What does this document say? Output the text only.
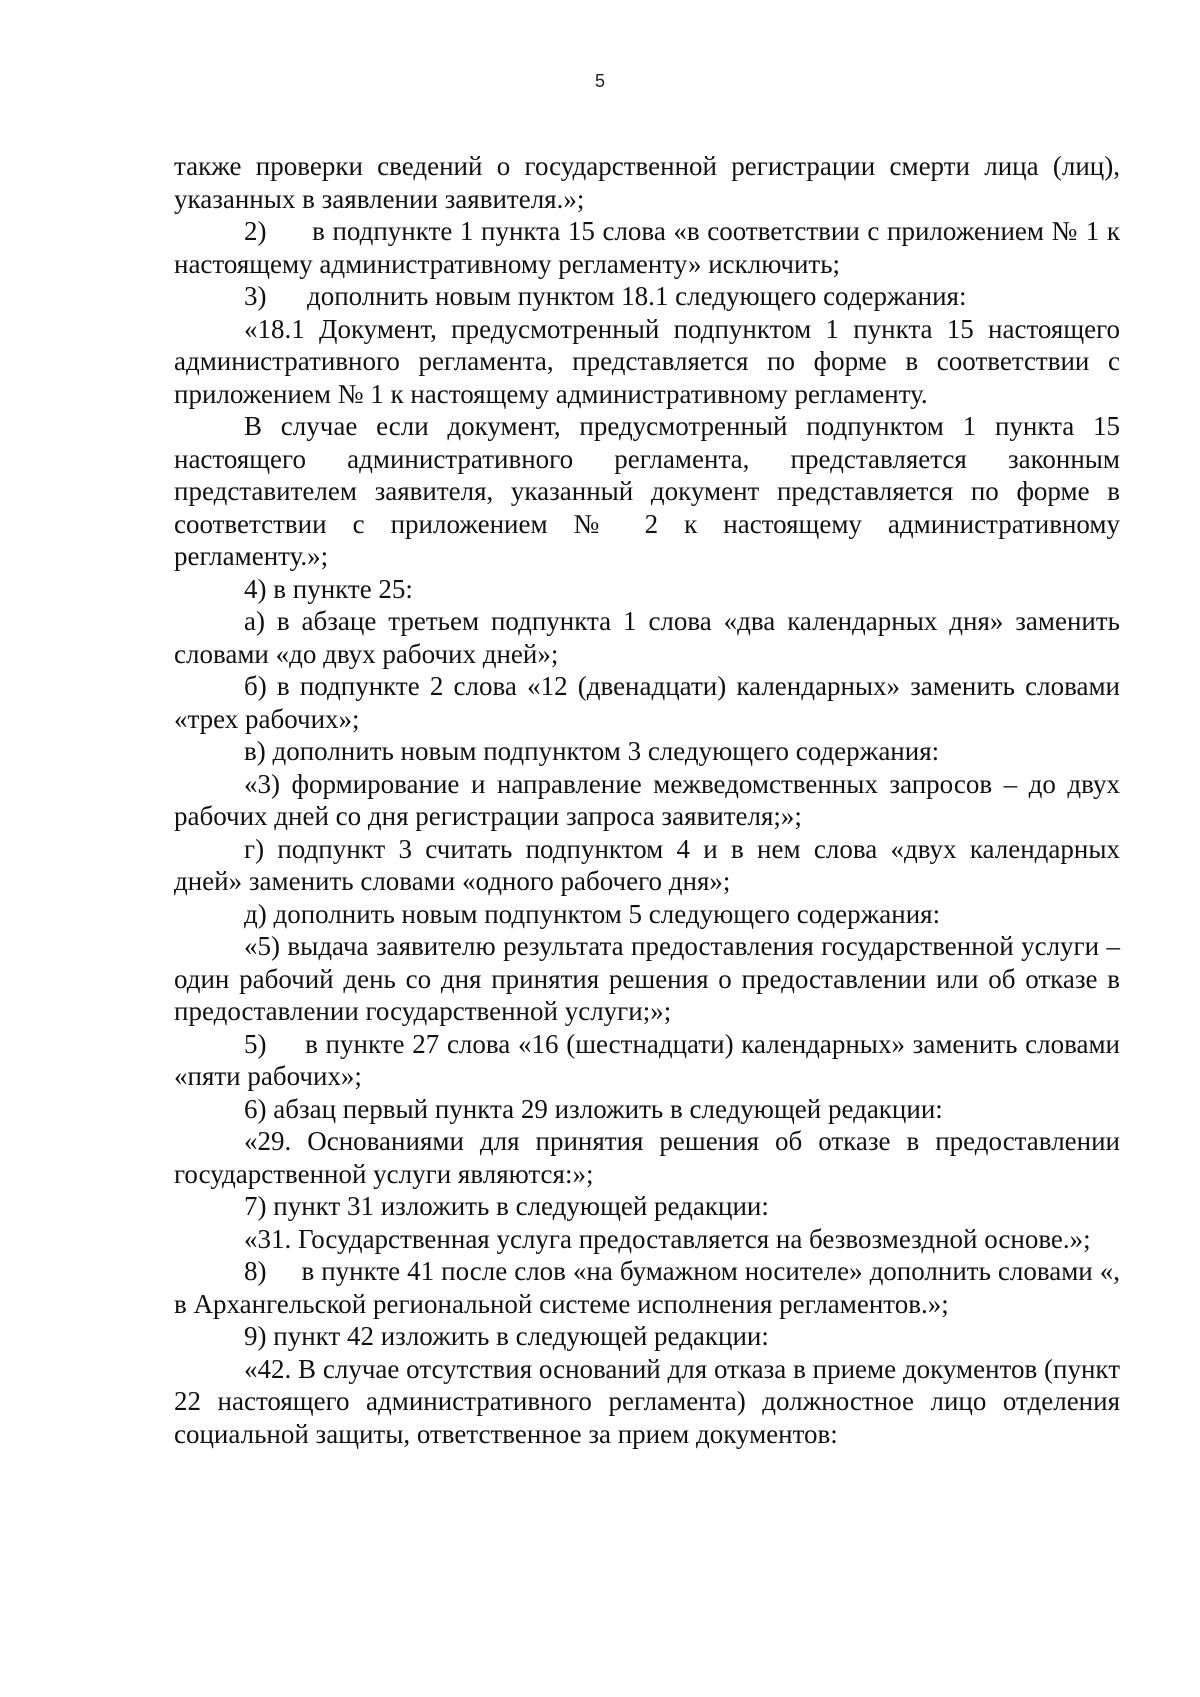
5

также проверки сведений о государственной регистрации смерти лица (лиц), указанных в заявлении заявителя.»;

2)      в подпункте 1 пункта 15 слова «в соответствии с приложением № 1 к настоящему административному регламенту» исключить;

3)      дополнить новым пунктом 18.1 следующего содержания:

«18.1 Документ, предусмотренный подпунктом 1 пункта 15 настоящего административного регламента, представляется по форме в соответствии с приложением № 1 к настоящему административному регламенту.

В случае если документ, предусмотренный подпунктом 1 пункта 15 настоящего административного регламента, представляется законным представителем заявителя, указанный документ представляется по форме в соответствии с приложением № 2 к настоящему административному регламенту.»;

4) в пункте 25:

а) в абзаце третьем подпункта 1 слова «два календарных дня» заменить словами «до двух рабочих дней»;

б) в подпункте 2 слова «12 (двенадцати) календарных» заменить словами «трех рабочих»;

в) дополнить новым подпунктом 3 следующего содержания:

«3) формирование и направление межведомственных запросов – до двух рабочих дней со дня регистрации запроса заявителя;»;

г) подпункт 3 считать подпунктом 4 и в нем слова «двух календарных дней» заменить словами «одного рабочего дня»;

д) дополнить новым подпунктом 5 следующего содержания:

«5) выдача заявителю результата предоставления государственной услуги – один рабочий день со дня принятия решения о предоставлении или об отказе в предоставлении государственной услуги;»;

5)     в пункте 27 слова «16 (шестнадцати) календарных» заменить словами «пяти рабочих»;

6) абзац первый пункта 29 изложить в следующей редакции:

«29. Основаниями для принятия решения об отказе в предоставлении государственной услуги являются:»;

7) пункт 31 изложить в следующей редакции:

«31. Государственная услуга предоставляется на безвозмездной основе.»;

8)     в пункте 41 после слов «на бумажном носителе» дополнить словами «, в Архангельской региональной системе исполнения регламентов.»;

9) пункт 42 изложить в следующей редакции:

«42. В случае отсутствия оснований для отказа в приеме документов (пункт 22 настоящего административного регламента) должностное лицо отделения социальной защиты, ответственное за прием документов:
